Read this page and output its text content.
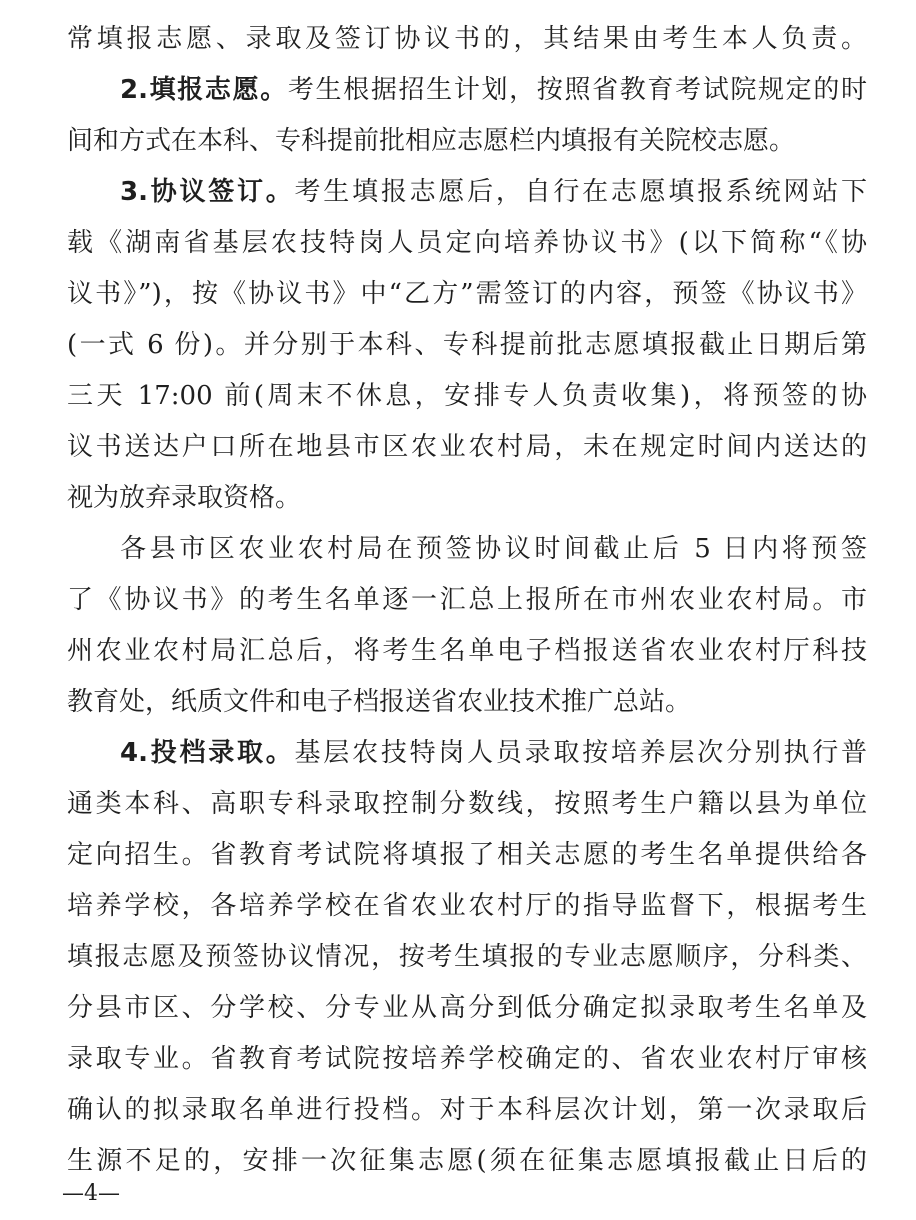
常填报志愿、录取及签订协议书的，其结果由考生本人负责。
2.填报志愿。考生根据招生计划，按照省教育考试院规定的时
间和方式在本科、专科提前批相应志愿栏内填报有关院校志愿。
3.协议签订。考生填报志愿后，自行在志愿填报系统网站下
载《湖南省基层农技特岗人员定向培养协议书》(以下简称“《协
议书》”)，按《协议书》中“乙方”需签订的内容，预签《协议书》
(一式 6 份)。并分别于本科、专科提前批志愿填报截止日期后第
三天 17:00 前(周末不休息，安排专人负责收集)，将预签的协
议书送达户口所在地县市区农业农村局，未在规定时间内送达的
视为放弃录取资格。
各县市区农业农村局在预签协议时间截止后 5 日内将预签
了《协议书》的考生名单逐一汇总上报所在市州农业农村局。市
州农业农村局汇总后，将考生名单电子档报送省农业农村厅科技
教育处，纸质文件和电子档报送省农业技术推广总站。
4.投档录取。基层农技特岗人员录取按培养层次分别执行普
通类本科、高职专科录取控制分数线，按照考生户籍以县为单位
定向招生。省教育考试院将填报了相关志愿的考生名单提供给各
培养学校，各培养学校在省农业农村厅的指导监督下，根据考生
填报志愿及预签协议情况，按考生填报的专业志愿顺序，分科类、
分县市区、分学校、分专业从高分到低分确定拟录取考生名单及
录取专业。省教育考试院按培养学校确定的、省农业农村厅审核
确认的拟录取名单进行投档。对于本科层次计划，第一次录取后
生源不足的，安排一次征集志愿(须在征集志愿填报截止日后的
—4—
